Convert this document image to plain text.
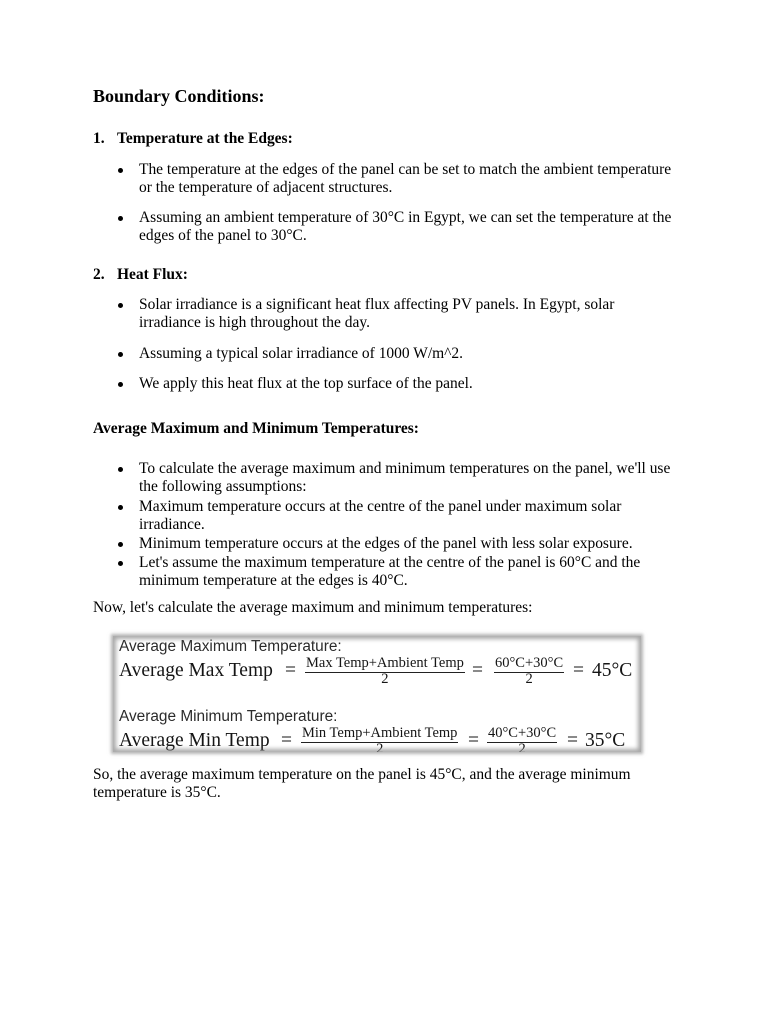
Boundary Conditions:
1. Temperature at the Edges:
The temperature at the edges of the panel can be set to match the ambient temperature
or the temperature of adjacent structures.
Assuming an ambient temperature of 30°C in Egypt, we can set the temperature at the
edges of the panel to 30°C.
2. Heat Flux:
Solar irradiance is a significant heat flux affecting PV panels. In Egypt, solar
irradiance is high throughout the day.
Assuming a typical solar irradiance of 1000 W/m^2.
We apply this heat flux at the top surface of the panel.
Average Maximum and Minimum Temperatures:
To calculate the average maximum and minimum temperatures on the panel, we'll use
the following assumptions:
Maximum temperature occurs at the centre of the panel under maximum solar
irradiance.
Minimum temperature occurs at the edges of the panel with less solar exposure.
Let's assume the maximum temperature at the centre of the panel is 60°C and the
minimum temperature at the edges is 40°C.
Now, let's calculate the average maximum and minimum temperatures:
Average Maximum Temperature:
Average Max Temp = Max Temp+Ambient Temp
2	= 60°C+30°C
2 = 45°C
Average Minimum Temperature:
Average Min Temp = Min Temp+Ambient Temp
2	= 40°C+30°C
2 = 35°C
So, the average maximum temperature on the panel is 45°C, and the average minimum
temperature is 35°C.
